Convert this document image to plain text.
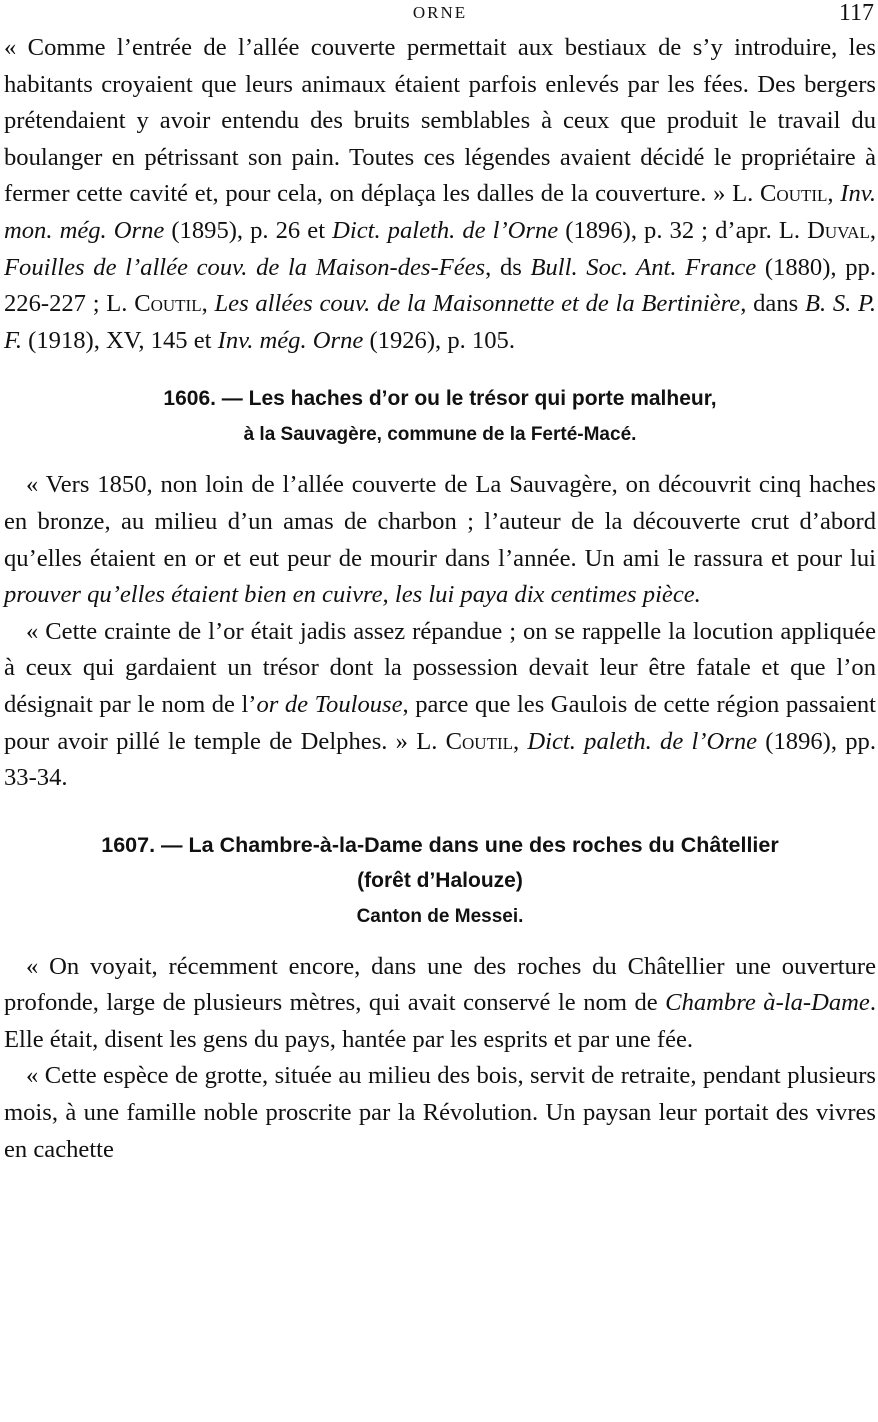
ORNE	117

« Comme l’entrée de l’allée couverte permettait aux bestiaux de s’y introduire, les habitants croyaient que leurs animaux étaient parfois enlevés par les fées. Des bergers prétendaient y avoir entendu des bruits semblables à ceux que produit le travail du boulanger en pétrissant son pain. Toutes ces légendes avaient décidé le propriétaire à fermer cette cavité et, pour cela, on déplaça les dalles de la couverture. » L. Coutil, Inv. mon. még. Orne (1895), p. 26 et Dict. paleth. de l’Orne (1896), p. 32 ; d’apr. L. Duval, Fouilles de l’allée couv. de la Maison-des-Fées, ds Bull. Soc. Ant. France (1880), pp. 226-227 ; L. Coutil, Les allées couv. de la Maisonnette et de la Bertinière, dans B. S. P. F. (1918), XV, 145 et Inv. még. Orne (1926), p. 105.

1606. — Les haches d’or ou le trésor qui porte malheur,

à la Sauvagère, commune de la Ferté-Macé.

« Vers 1850, non loin de l’allée couverte de La Sauvagère, on découvrit cinq haches en bronze, au milieu d’un amas de charbon ; l’auteur de la découverte crut d’abord qu’elles étaient en or et eut peur de mourir dans l’année. Un ami le rassura et pour lui prouver qu’elles étaient bien en cuivre, les lui paya dix centimes pièce.

« Cette crainte de l’or était jadis assez répandue ; on se rappelle la locution appliquée à ceux qui gardaient un trésor dont la possession devait leur être fatale et que l’on désignait par le nom de l’or de Toulouse, parce que les Gaulois de cette région passaient pour avoir pillé le temple de Delphes. » L. Coutil, Dict. paleth. de l’Orne (1896), pp. 33-34.

1607. — La Chambre-à-la-Dame dans une des roches du Châtellier

(forêt d’Halouze)

Canton de Messei.

« On voyait, récemment encore, dans une des roches du Châtellier une ouverture profonde, large de plusieurs mètres, qui avait conservé le nom de Chambre à-la-Dame. Elle était, disent les gens du pays, hantée par les esprits et par une fée.

« Cette espèce de grotte, située au milieu des bois, servit de retraite, pendant plusieurs mois, à une famille noble proscrite par la Révolution. Un paysan leur portait des vivres en cachette
